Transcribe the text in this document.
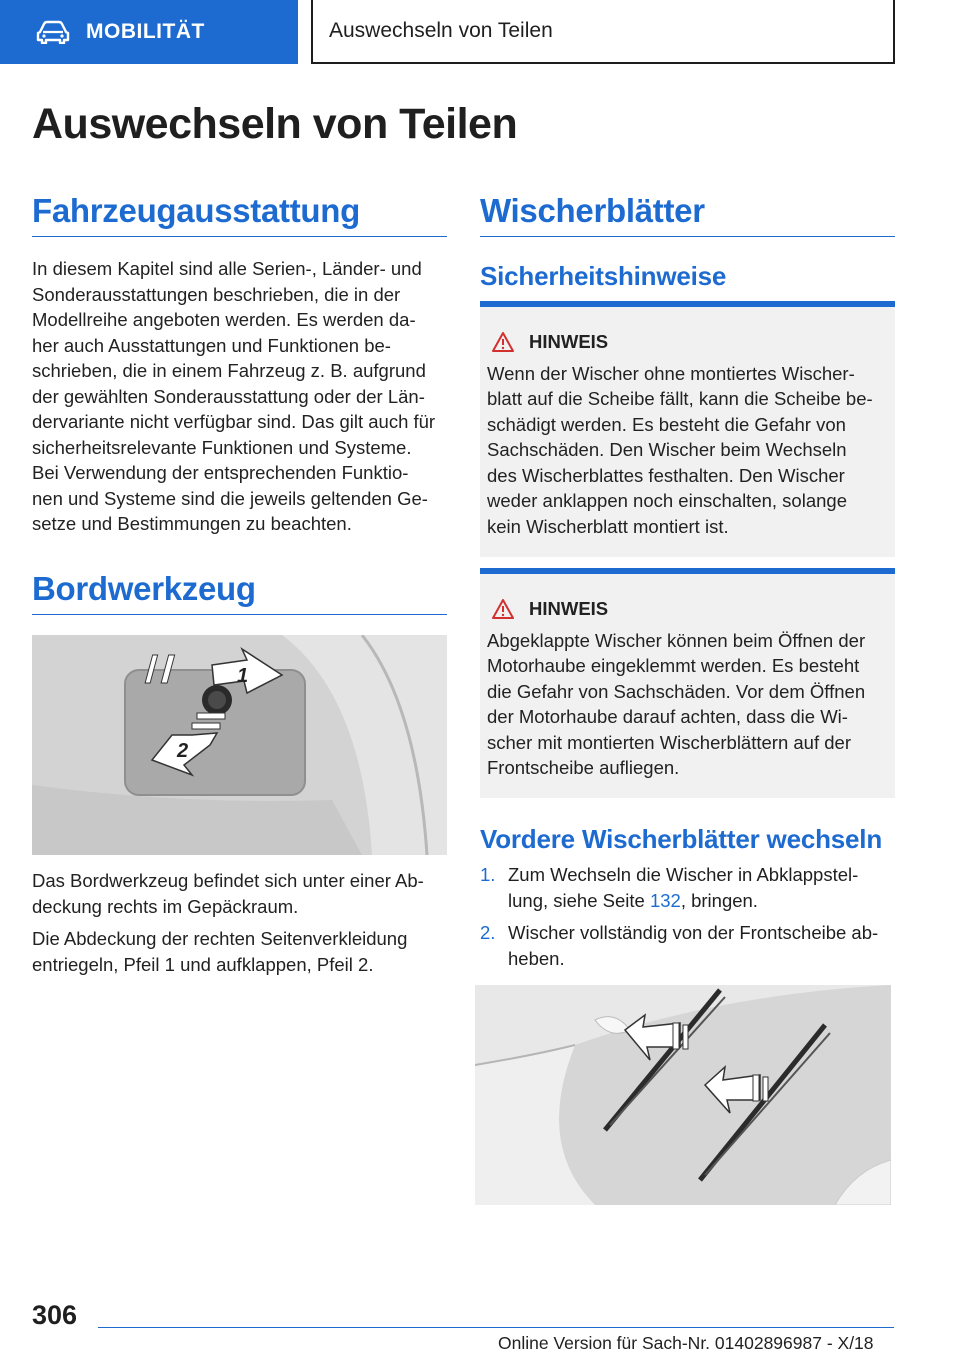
MOBILITÄT	Auswechseln von Teilen
Auswechseln von Teilen
Fahrzeugausstattung
In diesem Kapitel sind alle Serien-, Länder- und
Sonderausstattungen beschrieben, die in der
Modellreihe angeboten werden. Es werden da-
her auch Ausstattungen und Funktionen be-
schrieben, die in einem Fahrzeug z. B. aufgrund
der gewählten Sonderausstattung oder der Län-
dervariante nicht verfügbar sind. Das gilt auch für
sicherheitsrelevante Funktionen und Systeme.
Bei Verwendung der entsprechenden Funktio-
nen und Systeme sind die jeweils geltenden Ge-
setze und Bestimmungen zu beachten.
Bordwerkzeug
1
2
Das Bordwerkzeug befindet sich unter einer Ab-
deckung rechts im Gepäckraum.
Die Abdeckung der rechten Seitenverkleidung
entriegeln, Pfeil 1 und aufklappen, Pfeil 2.
Wischerblätter
Sicherheitshinweise
HINWEIS
Wenn der Wischer ohne montiertes Wischer-
blatt auf die Scheibe fällt, kann die Scheibe be-
schädigt werden. Es besteht die Gefahr von
Sachschäden. Den Wischer beim Wechseln
des Wischerblattes festhalten. Den Wischer
weder anklappen noch einschalten, solange
kein Wischerblatt montiert ist.
HINWEIS
Abgeklappte Wischer können beim Öffnen der
Motorhaube eingeklemmt werden. Es besteht
die Gefahr von Sachschäden. Vor dem Öffnen
der Motorhaube darauf achten, dass die Wi-
scher mit montierten Wischerblättern auf der
Frontscheibe aufliegen.
Vordere Wischerblätter wechseln
1. Zum Wechseln die Wischer in Abklappstel-
lung, siehe Seite 132, bringen.
2. Wischer vollständig von der Frontscheibe ab-
heben.
306
Online Version für Sach-Nr. 01402896987 - X/18
